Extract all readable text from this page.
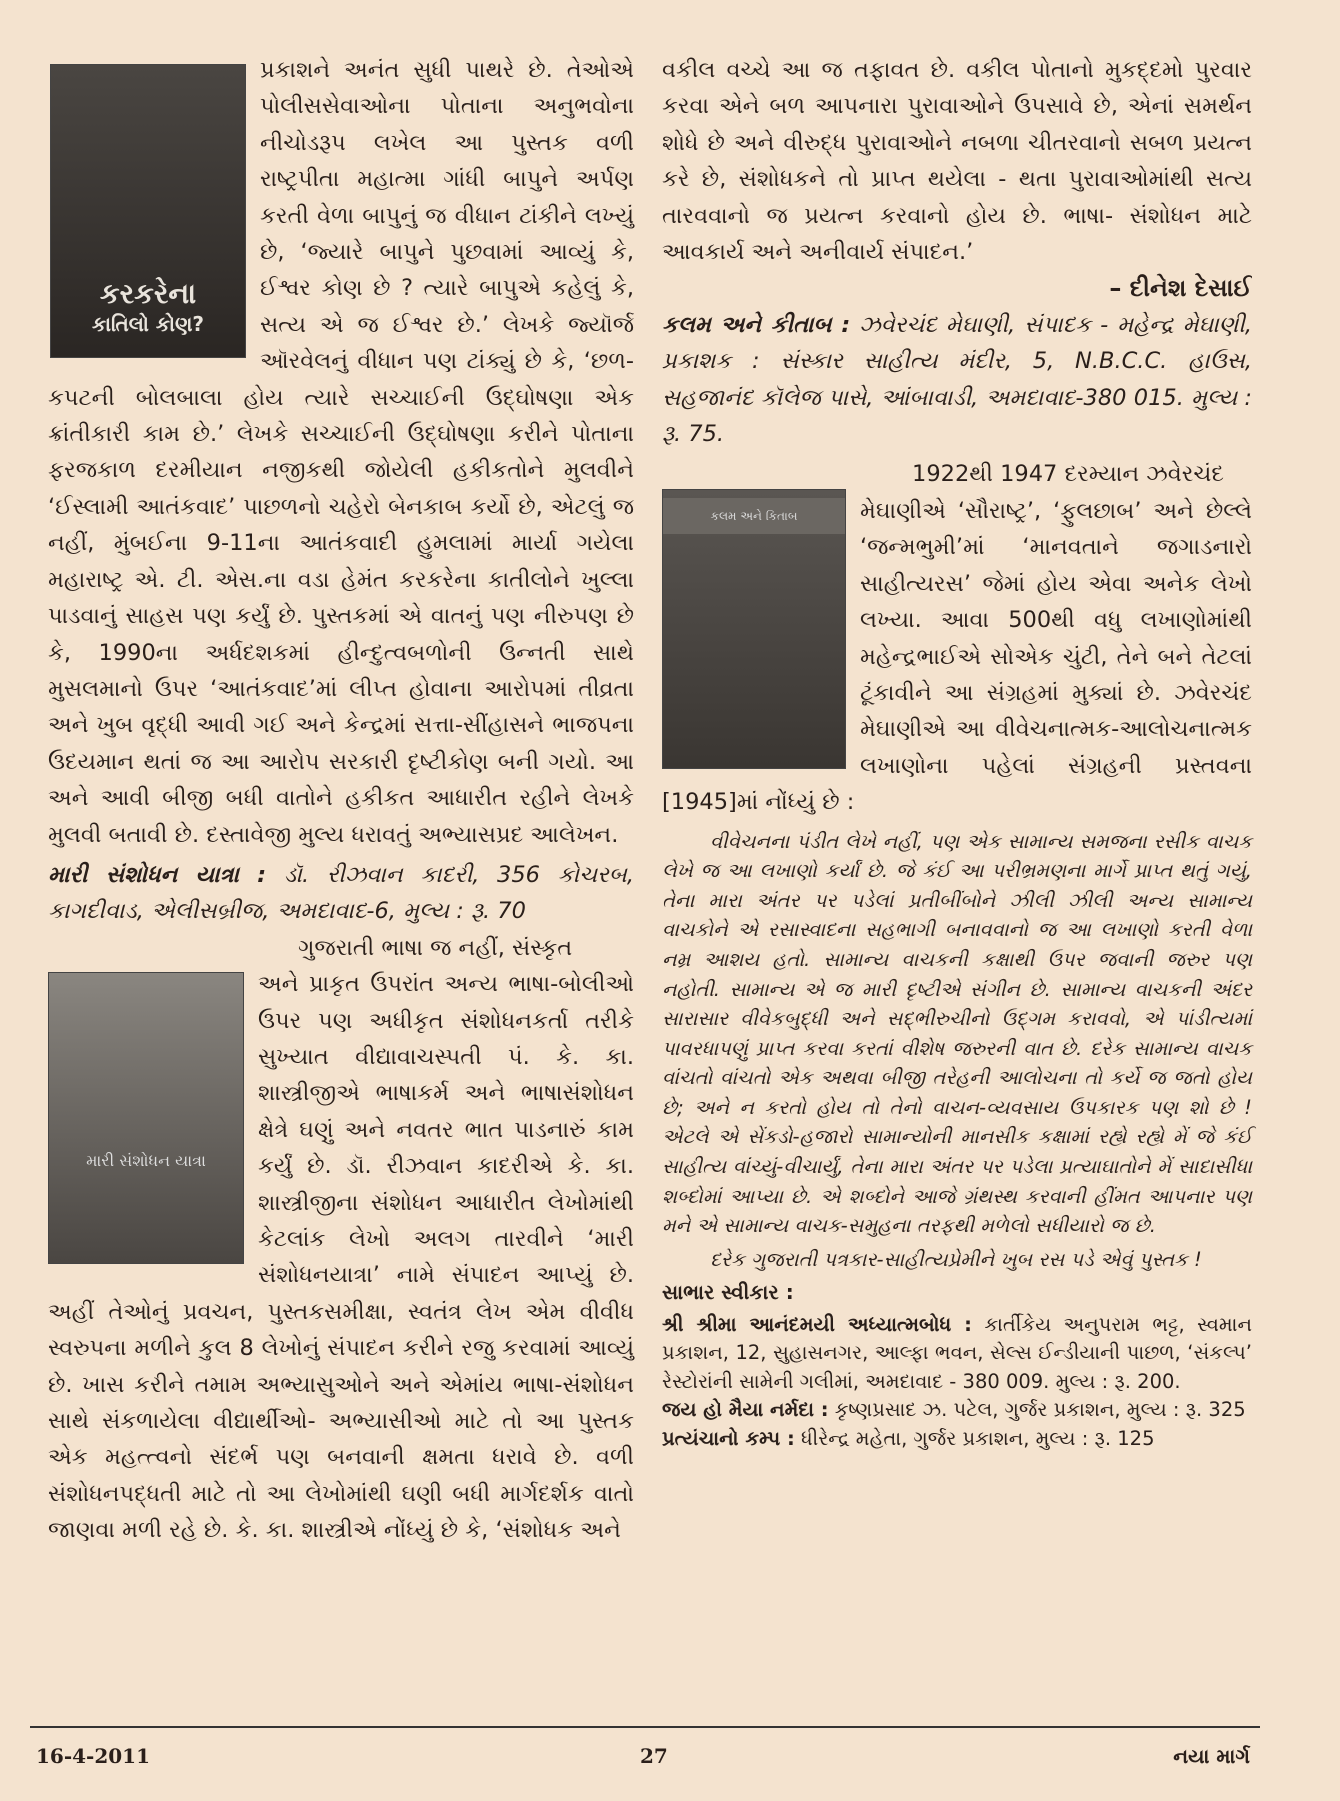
કરકરેના
કાતિલો કોણ?

પ્રકાશને અનંત સુધી પાથરે છે. તેઓએ પોલીસસેવાઓના પોતાના અનુભવોના નીચોડરૂપ લખેલ આ પુસ્તક વળી રાષ્ટ્રપીતા મહાત્મા ગાંધી બાપુને અર્પણ કરતી વેળા બાપુનું જ વીધાન ટાંકીને લખ્યું છે, ‘જ્યારે બાપુને પુછવામાં આવ્યું કે, ઈશ્વર કોણ છે ? ત્યારે બાપુએ કહેલું કે, સત્ય એ જ ઈશ્વર છે.’ લેખકે જ્યૉર્જ ઑરવેલનું વીધાન પણ ટાંક્યું છે કે, ‘છળ-કપટની બોલબાલા હોય ત્યારે સચ્ચાઈની ઉદ્ઘોષણા એક ક્રાંતીકારી કામ છે.’ લેખકે સચ્ચાઈની ઉદ્ઘોષણા કરીને પોતાના ફરજકાળ દરમીયાન નજીકથી જોયેલી હકીકતોને મુલવીને ‘ઈસ્લામી આતંકવાદ’ પાછળનો ચહેરો બેનકાબ કર્યો છે, એટલું જ નહીં, મુંબઈના 9-11ના આતંકવાદી હુમલામાં માર્યા ગયેલા મહારાષ્ટ્ર એ. ટી. એસ.ના વડા હેમંત કરકરેના કાતીલોને ખુલ્લા પાડવાનું સાહસ પણ કર્યું છે. પુસ્તકમાં એ વાતનું પણ નીરુપણ છે કે, 1990ના અર્ધદશકમાં હીન્દુત્વબળોની ઉન્નતી સાથે મુસલમાનો ઉપર ‘આતંકવાદ’માં લીપ્ત હોવાના આરોપમાં તીવ્રતા અને ખુબ વૃદ્ધી આવી ગઈ અને કેન્દ્રમાં સત્તા-સીંહાસને ભાજપના ઉદયમાન થતાં જ આ આરોપ સરકારી દૃષ્ટીકોણ બની ગયો. આ અને આવી બીજી બધી વાતોને હકીકત આધારીત રહીને લેખકે મુલવી બતાવી છે. દસ્તાવેજી મુલ્ય ધરાવતું અભ્યાસપ્રદ આલેખન.

મારી સંશોધન યાત્રા : ડૉ. રીઝવાન કાદરી, 356 કોચરબ, કાગદીવાડ, એલીસબ્રીજ, અમદાવાદ-6, મુલ્ય : રૂ. 70

ગુજરાતી ભાષા જ નહીં, સંસ્કૃત

મારી સંશોધન યાત્રા

અને પ્રાકૃત ઉપરાંત અન્ય ભાષા-બોલીઓ ઉપર પણ અધીકૃત સંશોધનકર્તા તરીકે સુખ્યાત વીદ્યાવાચસ્પતી પં. કે. કા. શાસ્ત્રીજીએ ભાષાકર્મ અને ભાષાસંશોધન ક્ષેત્રે ઘણું અને નવતર ભાત પાડનારું કામ કર્યું છે. ડૉ. રીઝવાન કાદરીએ કે. કા. શાસ્ત્રીજીના સંશોધન આધારીત લેખોમાંથી કેટલાંક લેખો અલગ તારવીને ‘મારી સંશોધનયાત્રા’ નામે સંપાદન આપ્યું છે. અહીં તેઓનું પ્રવચન, પુસ્તકસમીક્ષા, સ્વતંત્ર લેખ એમ વીવીધ સ્વરુપના મળીને કુલ 8 લેખોનું સંપાદન કરીને રજુ કરવામાં આવ્યું છે. ખાસ કરીને તમામ અભ્યાસુઓને અને એમાંય ભાષા-સંશોધન સાથે સંકળાયેલા વીદ્યાર્થીઓ- અભ્યાસીઓ માટે તો આ પુસ્તક એક મહત્ત્વનો સંદર્ભ પણ બનવાની ક્ષમતા ધરાવે છે. વળી સંશોધનપદ્ધતી માટે તો આ લેખોમાંથી ઘણી બધી માર્ગદર્શક વાતો જાણવા મળી રહે છે. કે. કા. શાસ્ત્રીએ નોંધ્યું છે કે, ‘સંશોધક અને

વકીલ વચ્ચે આ જ તફાવત છે. વકીલ પોતાનો મુકદ્દમો પુરવાર કરવા એને બળ આપનારા પુરાવાઓને ઉપસાવે છે, એનાં સમર્થન શોધે છે અને વીરુદ્ધ પુરાવાઓને નબળા ચીતરવાનો સબળ પ્રયત્ન કરે છે, સંશોધકને તો પ્રાપ્ત થયેલા - થતા પુરાવાઓમાંથી સત્ય તારવવાનો જ પ્રયત્ન કરવાનો હોય છે. ભાષા- સંશોધન માટે આવકાર્ય અને અનીવાર્ય સંપાદન.’

– દીનેશ દેસાઈ

કલમ અને કીતાબ : ઝવેરચંદ મેઘાણી, સંપાદક - મહેન્દ્ર મેઘાણી, પ્રકાશક : સંસ્કાર સાહીત્ય મંદીર, 5, N.B.C.C. હાઉસ, સહજાનંદ કૉલેજ પાસે, આંબાવાડી, અમદાવાદ-380 015. મુલ્ય : રૂ. 75.

1922થી 1947 દરમ્યાન ઝવેરચંદ

કલમ અને કિતાબ	મેઘાણીએ ‘સૌરાષ્ટ્ર’, ‘ફુલછાબ’ અને છેલ્લે ‘જન્મભુમી’માં ‘માનવતાને જગાડનારો સાહીત્યરસ’ જેમાં હોય એવા અનેક લેખો લખ્યા. આવા 500થી વધુ લખાણોમાંથી મહેન્દ્રભાઈએ સોએક ચુંટી, તેને બને તેટલાં ટૂંકાવીને આ સંગ્રહમાં મુક્યાં છે. ઝવેરચંદ મેઘાણીએ આ વીવેચનાત્મક-આલોચનાત્મક લખાણોના પહેલાં સંગ્રહની પ્રસ્તવના [1945]માં નોંધ્યું છે :

વીવેચનના પંડીત લેખે નહીં, પણ એક સામાન્ય સમજના રસીક વાચક લેખે જ આ લખાણો કર્યાં છે. જે કંઈ આ પરીભ્રમણના માર્ગે પ્રાપ્ત થતું ગયું, તેના મારા અંતર પર પડેલાં પ્રતીબીંબોને ઝીલી ઝીલી અન્ય સામાન્ય વાચકોને એ રસાસ્વાદના સહભાગી બનાવવાનો જ આ લખાણો કરતી વેળા નમ્ર આશય હતો. સામાન્ય વાચકની કક્ષાથી ઉપર જવાની જરુર પણ નહોતી. સામાન્ય એ જ મારી દૃષ્ટીએ સંગીન છે. સામાન્ય વાચકની અંદર સારાસાર વીવેકબુદ્ધી અને સદ્ભીરુચીનો ઉદ્ગમ કરાવવો, એ પાંડીત્યમાં પાવરધાપણું પ્રાપ્ત કરવા કરતાં વીશેષ જરુરની વાત છે. દરેક સામાન્ય વાચક વાંચતો વાંચતો એક અથવા બીજી તરેહની આલોચના તો કર્યે જ જતો હોય છે; અને ન કરતો હોય તો તેનો વાચન-વ્યવસાય ઉપકારક પણ શો છે ! એટલે એ સેંકડો-હજારો સામાન્યોની માનસીક કક્ષામાં રહ્યે રહ્યે મેં જે કંઈ સાહીત્ય વાંચ્યું-વીચાર્યું, તેના મારા અંતર પર પડેલા પ્રત્યાઘાતોને મેં સાદાસીધા શબ્દોમાં આપ્યા છે. એ શબ્દોને આજે ગ્રંથસ્થ કરવાની હીંમત આપનાર પણ મને એ સામાન્ય વાચક-સમુહના તરફથી મળેલો સધીયારો જ છે.

દરેક ગુજરાતી પત્રકાર-સાહીત્યપ્રેમીને ખુબ રસ પડે એવું પુસ્તક !

સાભાર સ્વીકાર :

શ્રી શ્રીમા આનંદમયી અધ્યાત્મબોધ : કાર્તીકેય અનુપરામ ભટ્ટ, સ્વમાન પ્રકાશન, 12, સુહાસનગર, આલ્ફા ભવન, સેલ્સ ઈન્ડીયાની પાછળ, ‘સંકલ્પ’ રેસ્ટોરાંની સામેની ગલીમાં, અમદાવાદ - 380 009. મુલ્ય : રૂ. 200.

જય હો મૈયા નર્મદા : કૃષ્ણપ્રસાદ ઝ. પટેલ, ગુર્જર પ્રકાશન, મુલ્ય : રૂ. 325

પ્રત્યંચાનો કમ્પ : ધીરેન્દ્ર મહેતા, ગુર્જર પ્રકાશન, મુલ્ય : રૂ. 125

16-4-2011	27	નયા માર્ગ
